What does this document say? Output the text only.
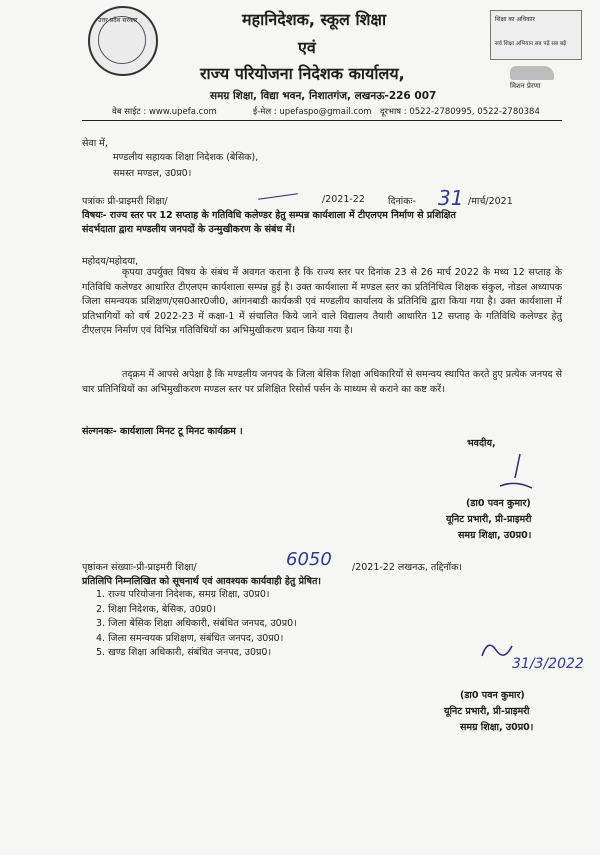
उत्तर प्रदेश सरकार	महानिदेशक, स्कूल शिक्षा
एवं
राज्य परियोजना निदेशक कार्यालय,
समग्र शिक्षा, विद्या भवन, निशातगंज, लखनऊ-226 007
वेब साईट : www.upefa.com	ई-मेल : upefaspo@gmail.com दूरभाष : 0522-2780995, 0522-2780384
शिक्षा का अधिकार
सर्व शिक्षा अभियान सब पढ़ें सब बढ़ें
मिशन प्रेरणा
सेवा में,
मण्डलीय सहायक शिक्षा निदेशक (बेसिक),
समस्त मण्डल, उ0प्र0।
पत्रांकः प्री-प्राइमरी शिक्षा/	/2021-22 दिनांकः- 31 /मार्च/2021
विषयः- राज्य स्तर पर 12 सप्ताह के गतिविधि कलेण्डर हेतु सम्पन्न कार्यशाला में टीएलएम निर्माण से प्रशिक्षित
संदर्भदाता द्वारा मण्डलीय जनपदों के उन्मुखीकरण के संबंध में।
महोदय/महोदया,

कृपया उपर्युक्त विषय के संबंध में अवगत कराना है कि राज्य स्तर पर दिनांक 23 से 26 मार्च 2022 के मध्य 12 सप्ताह के गतिविधि कलेण्डर आधारित टीएलएम कार्यशाला सम्पन्न हुई है। उक्त कार्यशाला में मण्डल स्तर का प्रतिनिधित्व शिक्षक संकुल, नोडल अध्यापक जिला समन्वयक प्रशिक्षण/एस0आर0जी0, आंगनबाडी कार्यकत्री एवं मण्डलीय कार्यालय के प्रतिनिधि द्वारा किया गया है। उक्त कार्यशाला में प्रतिभागियों को वर्ष 2022-23 में कक्षा-1 में संचालित किये जाने वाले विद्यालय तैयारी आधारित 12 सप्ताह के गतिविधि कलेण्डर हेतु टीएलएम निर्माण एवं विभिन्न गतिविधियों का अभिमुखीकरण प्रदान किया गया है।

तद्क्रम में आपसे अपेक्षा है कि मण्डलीय जनपद के जिला बेसिक शिक्षा अधिकारियों से समन्वय स्थापित करते हुए प्रत्येक जनपद से चार प्रतिनिधियों का अभिमुखीकरण मण्डल स्तर पर प्रशिक्षित रिसोर्स पर्सन के माध्यम से कराने का कष्ट करें।

संल्गनकः- कार्यशाला मिनट टू मिनट कार्यक्रम ।
भवदीय,
(डा0 पवन कुमार)
यूनिट प्रभारी, प्री-प्राइमरी
समग्र शिक्षा, उ0प्र0।
पृष्ठांकन संख्याः-प्री-प्राइमरी शिक्षा/	6050 /2021-22 लखनऊ, तद्दिनॉक।
प्रतिलिपि निम्नलिखित को सूचनार्थ एवं आवश्यक कार्यवाही हेतु प्रेषित।
1. राज्य परियोजना निदेशक, समग्र शिक्षा, उ0प्र0।
2. शिक्षा निदेशक, बेसिक, उ0प्र0।
3. जिला बेसिक शिक्षा अधिकारी, संबंधित जनपद, उ0प्र0।
4. जिला समन्वयक प्रशिक्षण, संबंधित जनपद, उ0प्र0।
5. खण्ड शिक्षा अधिकारी, संबंधित जनपद, उ0प्र0।
31/3/2022
(डा0 पवन कुमार)
यूनिट प्रभारी, प्री-प्राइमरी
समग्र शिक्षा, उ0प्र0।
